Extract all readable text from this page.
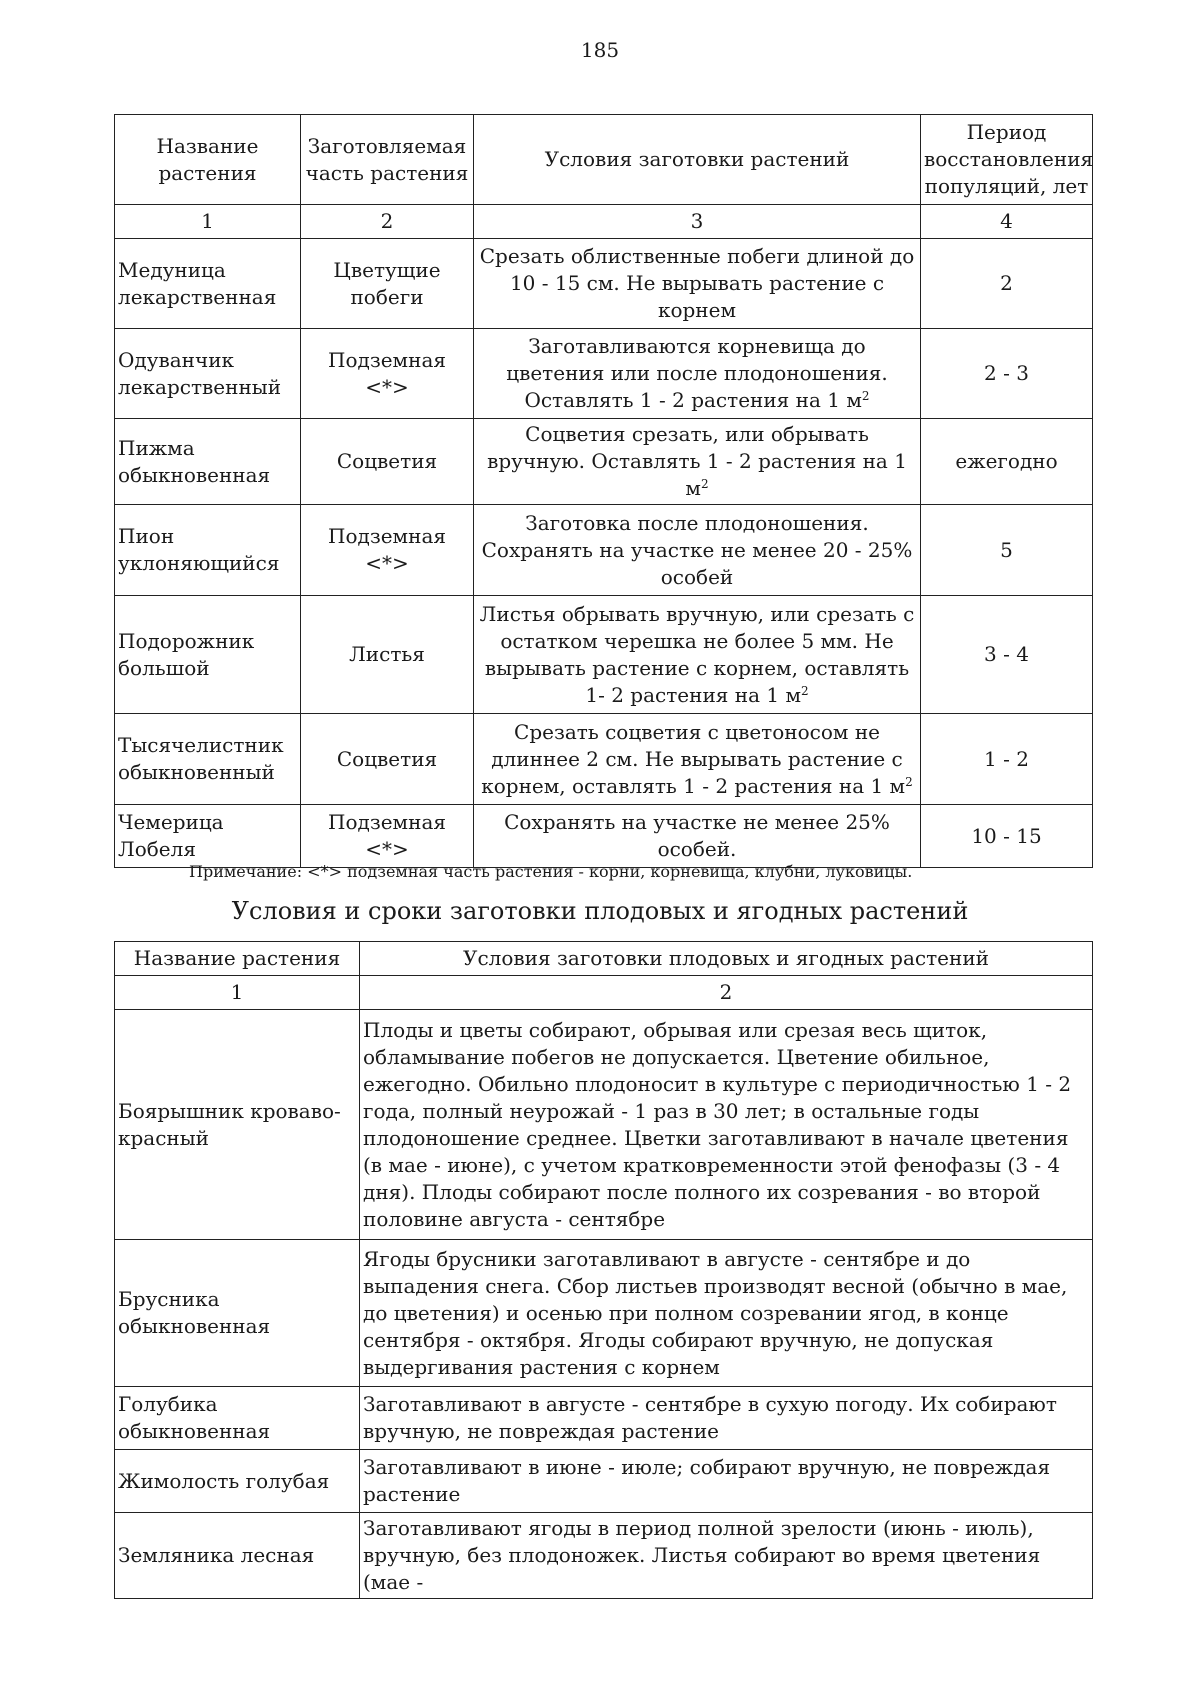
185
Название растения	Заготовляемая часть растения	Условия заготовки растений	Период восстановления популяций, лет
1	2	3	4
Медуница лекарственная	Цветущие побеги	Срезать облиственные побеги длиной до 10 - 15 см. Не вырывать растение с корнем	2
Одуванчик лекарственный	Подземная <*>	Заготавливаются корневища до цветения или после плодоношения. Оставлять 1 - 2 растения на 1 $м^2$	2 - 3
Пижма обыкновенная	Соцветия	Соцветия срезать, или обрывать вручную. Оставлять 1 - 2 растения на 1 $м^2$	ежегодно
Пион уклоняющийся	Подземная <*>	Заготовка после плодоношения. Сохранять на участке не менее 20 - 25% особей	5
Подорожник большой	Листья	Листья обрывать вручную, или срезать с остатком черешка не более 5 мм. Не вырывать растение с корнем, оставлять 1- 2 растения на 1 $м^2$	3 - 4
Тысячелистник обыкновенный	Соцветия	Срезать соцветия с цветоносом не длиннее 2 см. Не вырывать растение с корнем, оставлять 1 - 2 растения на 1 $м^2$	1 - 2
Чемерица Лобеля	Подземная <*>	Сохранять на участке не менее 25% особей.	10 - 15
Примечание: <*> подземная часть растения - корни, корневища, клубни, луковицы.
Условия и сроки заготовки плодовых и ягодных растений
Название растения	Условия заготовки плодовых и ягодных растений
1	2
Боярышник кроваво-красный	Плоды и цветы собирают, обрывая или срезая весь щиток, обламывание побегов не допускается. Цветение обильное, ежегодно. Обильно плодоносит в культуре с периодичностью 1 - 2 года, полный неурожай - 1 раз в 30 лет; в остальные годы плодоношение среднее. Цветки заготавливают в начале цветения (в мае - июне), с учетом кратковременности этой фенофазы (3 - 4 дня). Плоды собирают после полного их созревания - во второй половине августа - сентябре
Брусника обыкновенная	Ягоды брусники заготавливают в августе - сентябре и до выпадения снега. Сбор листьев производят весной (обычно в мае, до цветения) и осенью при полном созревании ягод, в конце сентября - октября. Ягоды собирают вручную, не допуская выдергивания растения с корнем
Голубика обыкновенная	Заготавливают в августе - сентябре в сухую погоду. Их собирают вручную, не повреждая растение
Жимолость голубая	Заготавливают в июне - июле; собирают вручную, не повреждая растение
Земляника лесная	Заготавливают ягоды в период полной зрелости (июнь - июль), вручную, без плодоножек. Листья собирают во время цветения (мае -
